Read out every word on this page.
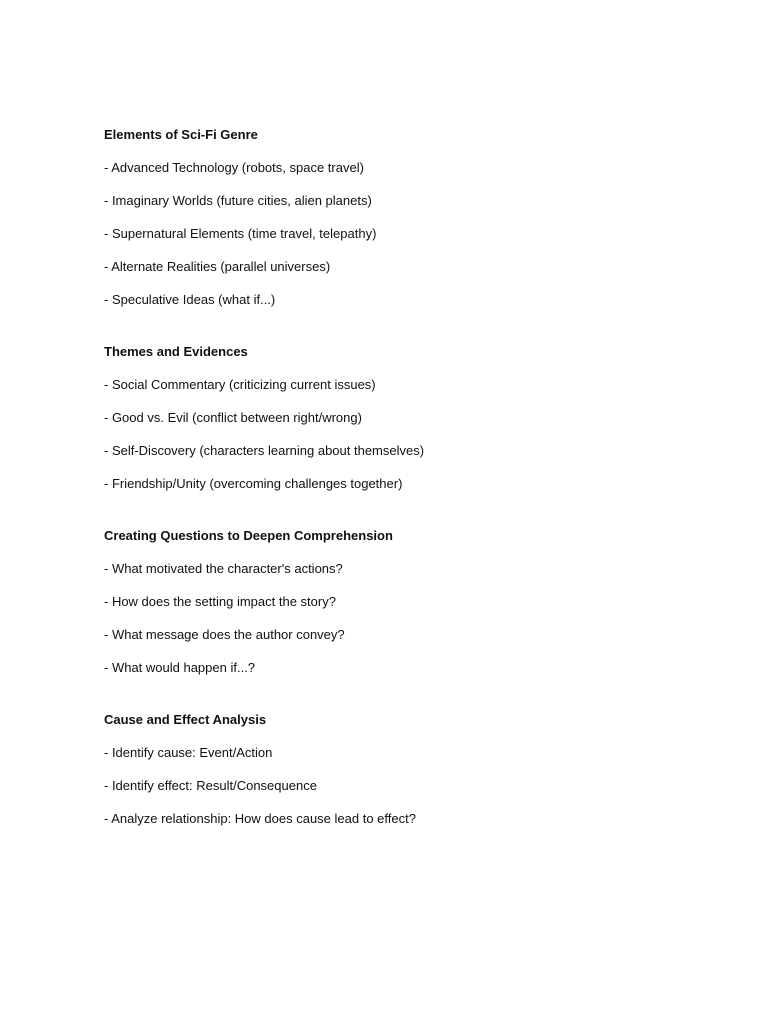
Elements of Sci-Fi Genre
- Advanced Technology (robots, space travel)
- Imaginary Worlds (future cities, alien planets)
- Supernatural Elements (time travel, telepathy)
- Alternate Realities (parallel universes)
- Speculative Ideas (what if...)
Themes and Evidences
- Social Commentary (criticizing current issues)
- Good vs. Evil (conflict between right/wrong)
- Self-Discovery (characters learning about themselves)
- Friendship/Unity (overcoming challenges together)
Creating Questions to Deepen Comprehension
- What motivated the character's actions?
- How does the setting impact the story?
- What message does the author convey?
- What would happen if...?
Cause and Effect Analysis
- Identify cause: Event/Action
- Identify effect: Result/Consequence
- Analyze relationship: How does cause lead to effect?
